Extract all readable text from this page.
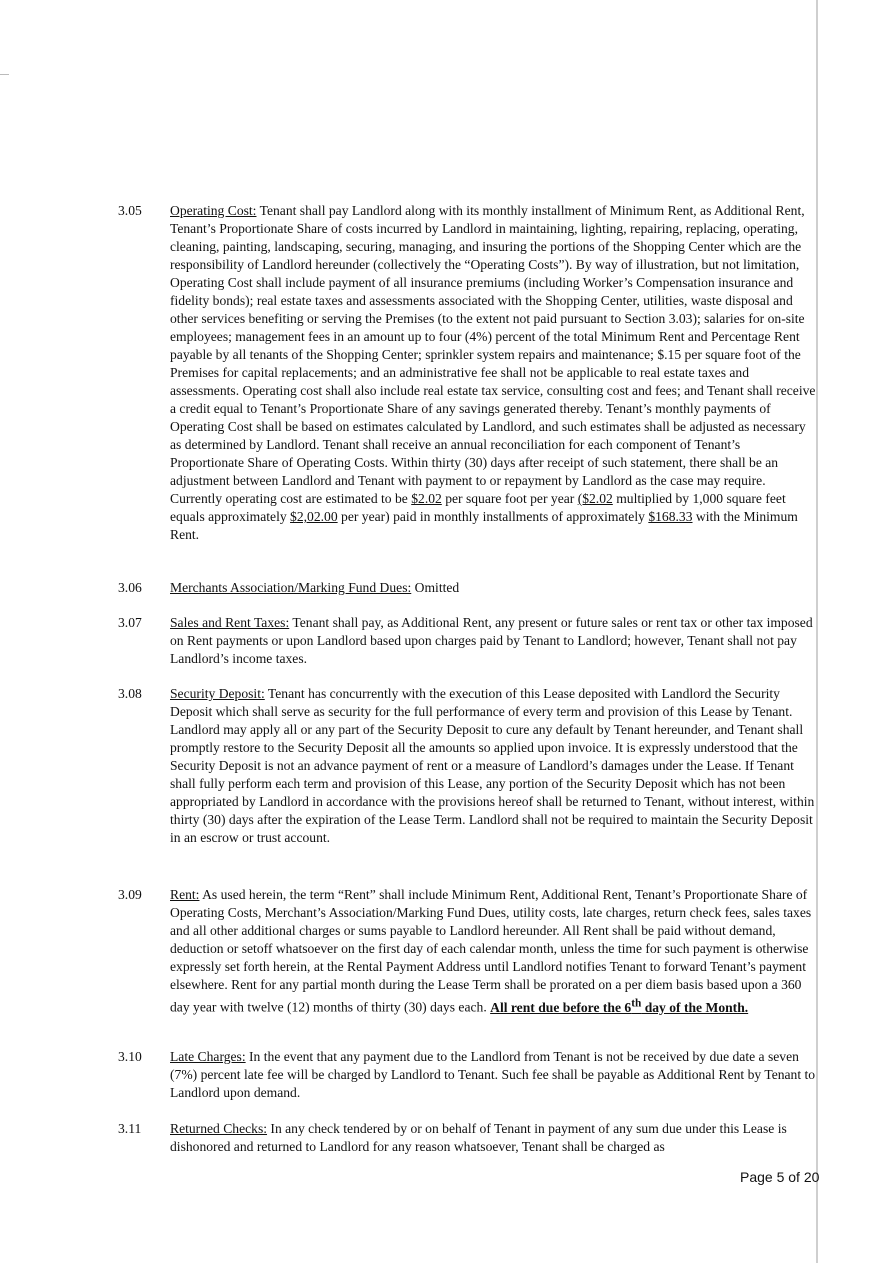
3.05 Operating Cost: Tenant shall pay Landlord along with its monthly installment of Minimum Rent, as Additional Rent, Tenant’s Proportionate Share of costs incurred by Landlord in maintaining, lighting, repairing, replacing, operating, cleaning, painting, landscaping, securing, managing, and insuring the portions of the Shopping Center which are the responsibility of Landlord hereunder (collectively the “Operating Costs”). By way of illustration, but not limitation, Operating Cost shall include payment of all insurance premiums (including Worker’s Compensation insurance and fidelity bonds); real estate taxes and assessments associated with the Shopping Center, utilities, waste disposal and other services benefiting or serving the Premises (to the extent not paid pursuant to Section 3.03); salaries for on-site employees; management fees in an amount up to four (4%) percent of the total Minimum Rent and Percentage Rent payable by all tenants of the Shopping Center; sprinkler system repairs and maintenance; $.15 per square foot of the Premises for capital replacements; and an administrative fee shall not be applicable to real estate taxes and assessments. Operating cost shall also include real estate tax service, consulting cost and fees; and Tenant shall receive a credit equal to Tenant’s Proportionate Share of any savings generated thereby. Tenant’s monthly payments of Operating Cost shall be based on estimates calculated by Landlord, and such estimates shall be adjusted as necessary as determined by Landlord. Tenant shall receive an annual reconciliation for each component of Tenant’s Proportionate Share of Operating Costs. Within thirty (30) days after receipt of such statement, there shall be an adjustment between Landlord and Tenant with payment to or repayment by Landlord as the case may require. Currently operating cost are estimated to be $2.02 per square foot per year ($2.02 multiplied by 1,000 square feet equals approximately $2,02.00 per year) paid in monthly installments of approximately $168.33 with the Minimum Rent.
3.06 Merchants Association/Marking Fund Dues: Omitted
3.07 Sales and Rent Taxes: Tenant shall pay, as Additional Rent, any present or future sales or rent tax or other tax imposed on Rent payments or upon Landlord based upon charges paid by Tenant to Landlord; however, Tenant shall not pay Landlord’s income taxes.
3.08 Security Deposit: Tenant has concurrently with the execution of this Lease deposited with Landlord the Security Deposit which shall serve as security for the full performance of every term and provision of this Lease by Tenant. Landlord may apply all or any part of the Security Deposit to cure any default by Tenant hereunder, and Tenant shall promptly restore to the Security Deposit all the amounts so applied upon invoice. It is expressly understood that the Security Deposit is not an advance payment of rent or a measure of Landlord’s damages under the Lease. If Tenant shall fully perform each term and provision of this Lease, any portion of the Security Deposit which has not been appropriated by Landlord in accordance with the provisions hereof shall be returned to Tenant, without interest, within thirty (30) days after the expiration of the Lease Term. Landlord shall not be required to maintain the Security Deposit in an escrow or trust account.
3.09 Rent: As used herein, the term “Rent” shall include Minimum Rent, Additional Rent, Tenant’s Proportionate Share of Operating Costs, Merchant’s Association/Marking Fund Dues, utility costs, late charges, return check fees, sales taxes and all other additional charges or sums payable to Landlord hereunder. All Rent shall be paid without demand, deduction or setoff whatsoever on the first day of each calendar month, unless the time for such payment is otherwise expressly set forth herein, at the Rental Payment Address until Landlord notifies Tenant to forward Tenant’s payment elsewhere. Rent for any partial month during the Lease Term shall be prorated on a per diem basis based upon a 360 day year with twelve (12) months of thirty (30) days each. All rent due before the 6th day of the Month.
3.10 Late Charges: In the event that any payment due to the Landlord from Tenant is not be received by due date a seven (7%) percent late fee will be charged by Landlord to Tenant. Such fee shall be payable as Additional Rent by Tenant to Landlord upon demand.
3.11 Returned Checks: In any check tendered by or on behalf of Tenant in payment of any sum due under this Lease is dishonored and returned to Landlord for any reason whatsoever, Tenant shall be charged as
Page 5 of 20
